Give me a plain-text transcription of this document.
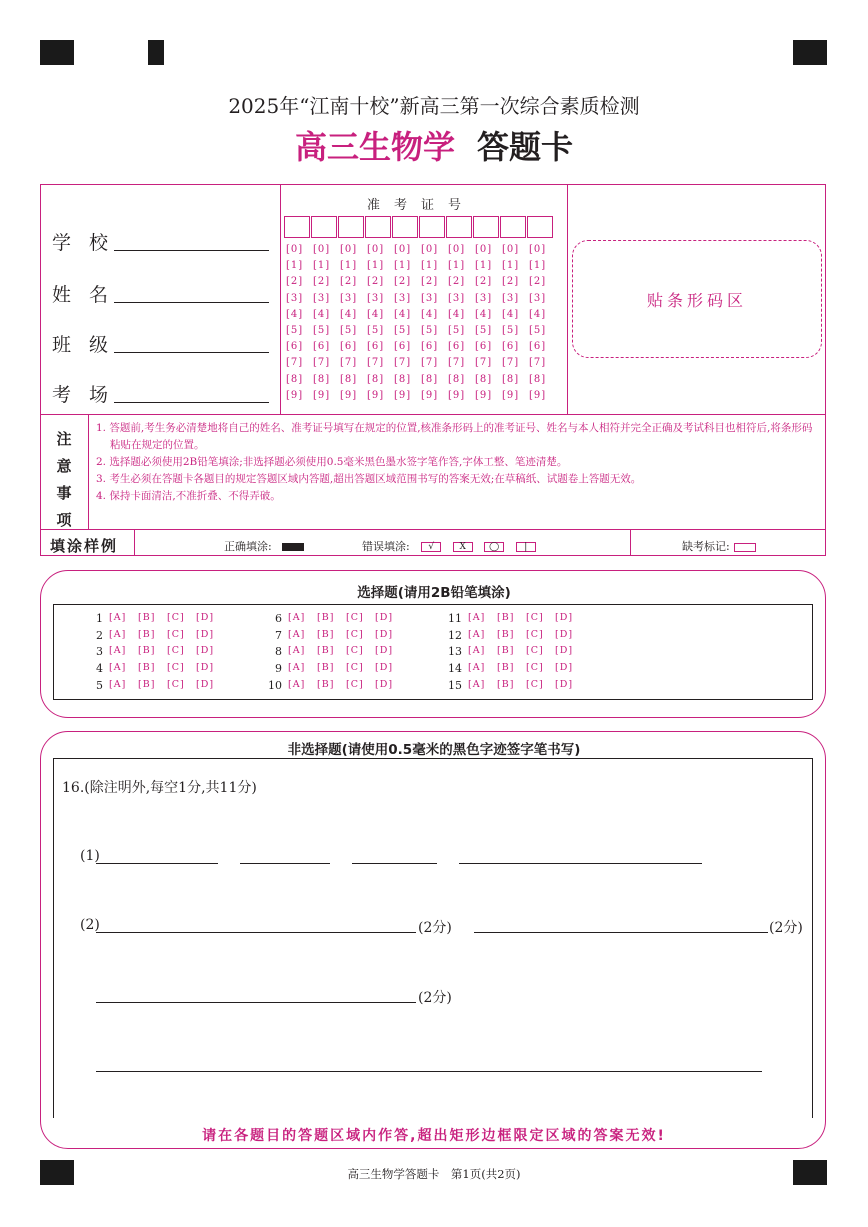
2025年“江南十校”新高三第一次综合素质检测
高三生物学 答题卡
学校
姓名
班级
考场
准考证号
[0] [0] [0] [0] [0] [0] [0] [0] [0] [0]
[1] [1] [1] [1] [1] [1] [1] [1] [1] [1]
[2] [2] [2] [2] [2] [2] [2] [2] [2] [2]
[3] [3] [3] [3] [3] [3] [3] [3] [3] [3]
[4] [4] [4] [4] [4] [4] [4] [4] [4] [4]
[5] [5] [5] [5] [5] [5] [5] [5] [5] [5]
[6] [6] [6] [6] [6] [6] [6] [6] [6] [6]
[7] [7] [7] [7] [7] [7] [7] [7] [7] [7]
[8] [8] [8] [8] [8] [8] [8] [8] [8] [8]
[9] [9] [9] [9] [9] [9] [9] [9] [9] [9]
贴条形码区
注意事项
1. 答题前,考生务必清楚地将自己的姓名、准考证号填写在规定的位置,核准条形码上的准考证号、姓名与本人相符并完全正确及考试科目也相符后,将条形码粘贴在规定的位置。
2. 选择题必须使用2B铅笔填涂;非选择题必须使用0.5毫米黑色墨水签字笔作答,字体工整、笔迹清楚。
3. 考生必须在答题卡各题目的规定答题区域内答题,超出答题区域范围书写的答案无效;在草稿纸、试题卷上答题无效。
4. 保持卡面清洁,不准折叠、不得弄破。
填涂样例	正确填涂:	错误填涂: √	X	◯	|	缺考标记:
选择题(请用2B铅笔填涂)
1 [A]	[B]	[C]	[D]
2 [A]	[B]	[C]	[D]
3 [A]	[B]	[C]	[D]
4 [A]	[B]	[C]	[D]
5 [A]	[B]	[C]	[D]
6 [A]	[B]	[C]	[D]
7 [A]	[B]	[C]	[D]
8 [A]	[B]	[C]	[D]
9 [A]	[B]	[C]	[D]
10 [A]	[B]	[C]	[D]
11 [A]	[B]	[C]	[D]
12 [A]	[B]	[C]	[D]
13 [A]	[B]	[C]	[D]
14 [A]	[B]	[C]	[D]
15 [A]	[B]	[C]	[D]
非选择题(请使用0.5毫米的黑色字迹签字笔书写)
16.(除注明外,每空1分,共11分)
(1)
(2)	(2分)	(2分)
(2分)
请在各题目的答题区域内作答,超出矩形边框限定区域的答案无效!
高三生物学答题卡　第1页(共2页)
